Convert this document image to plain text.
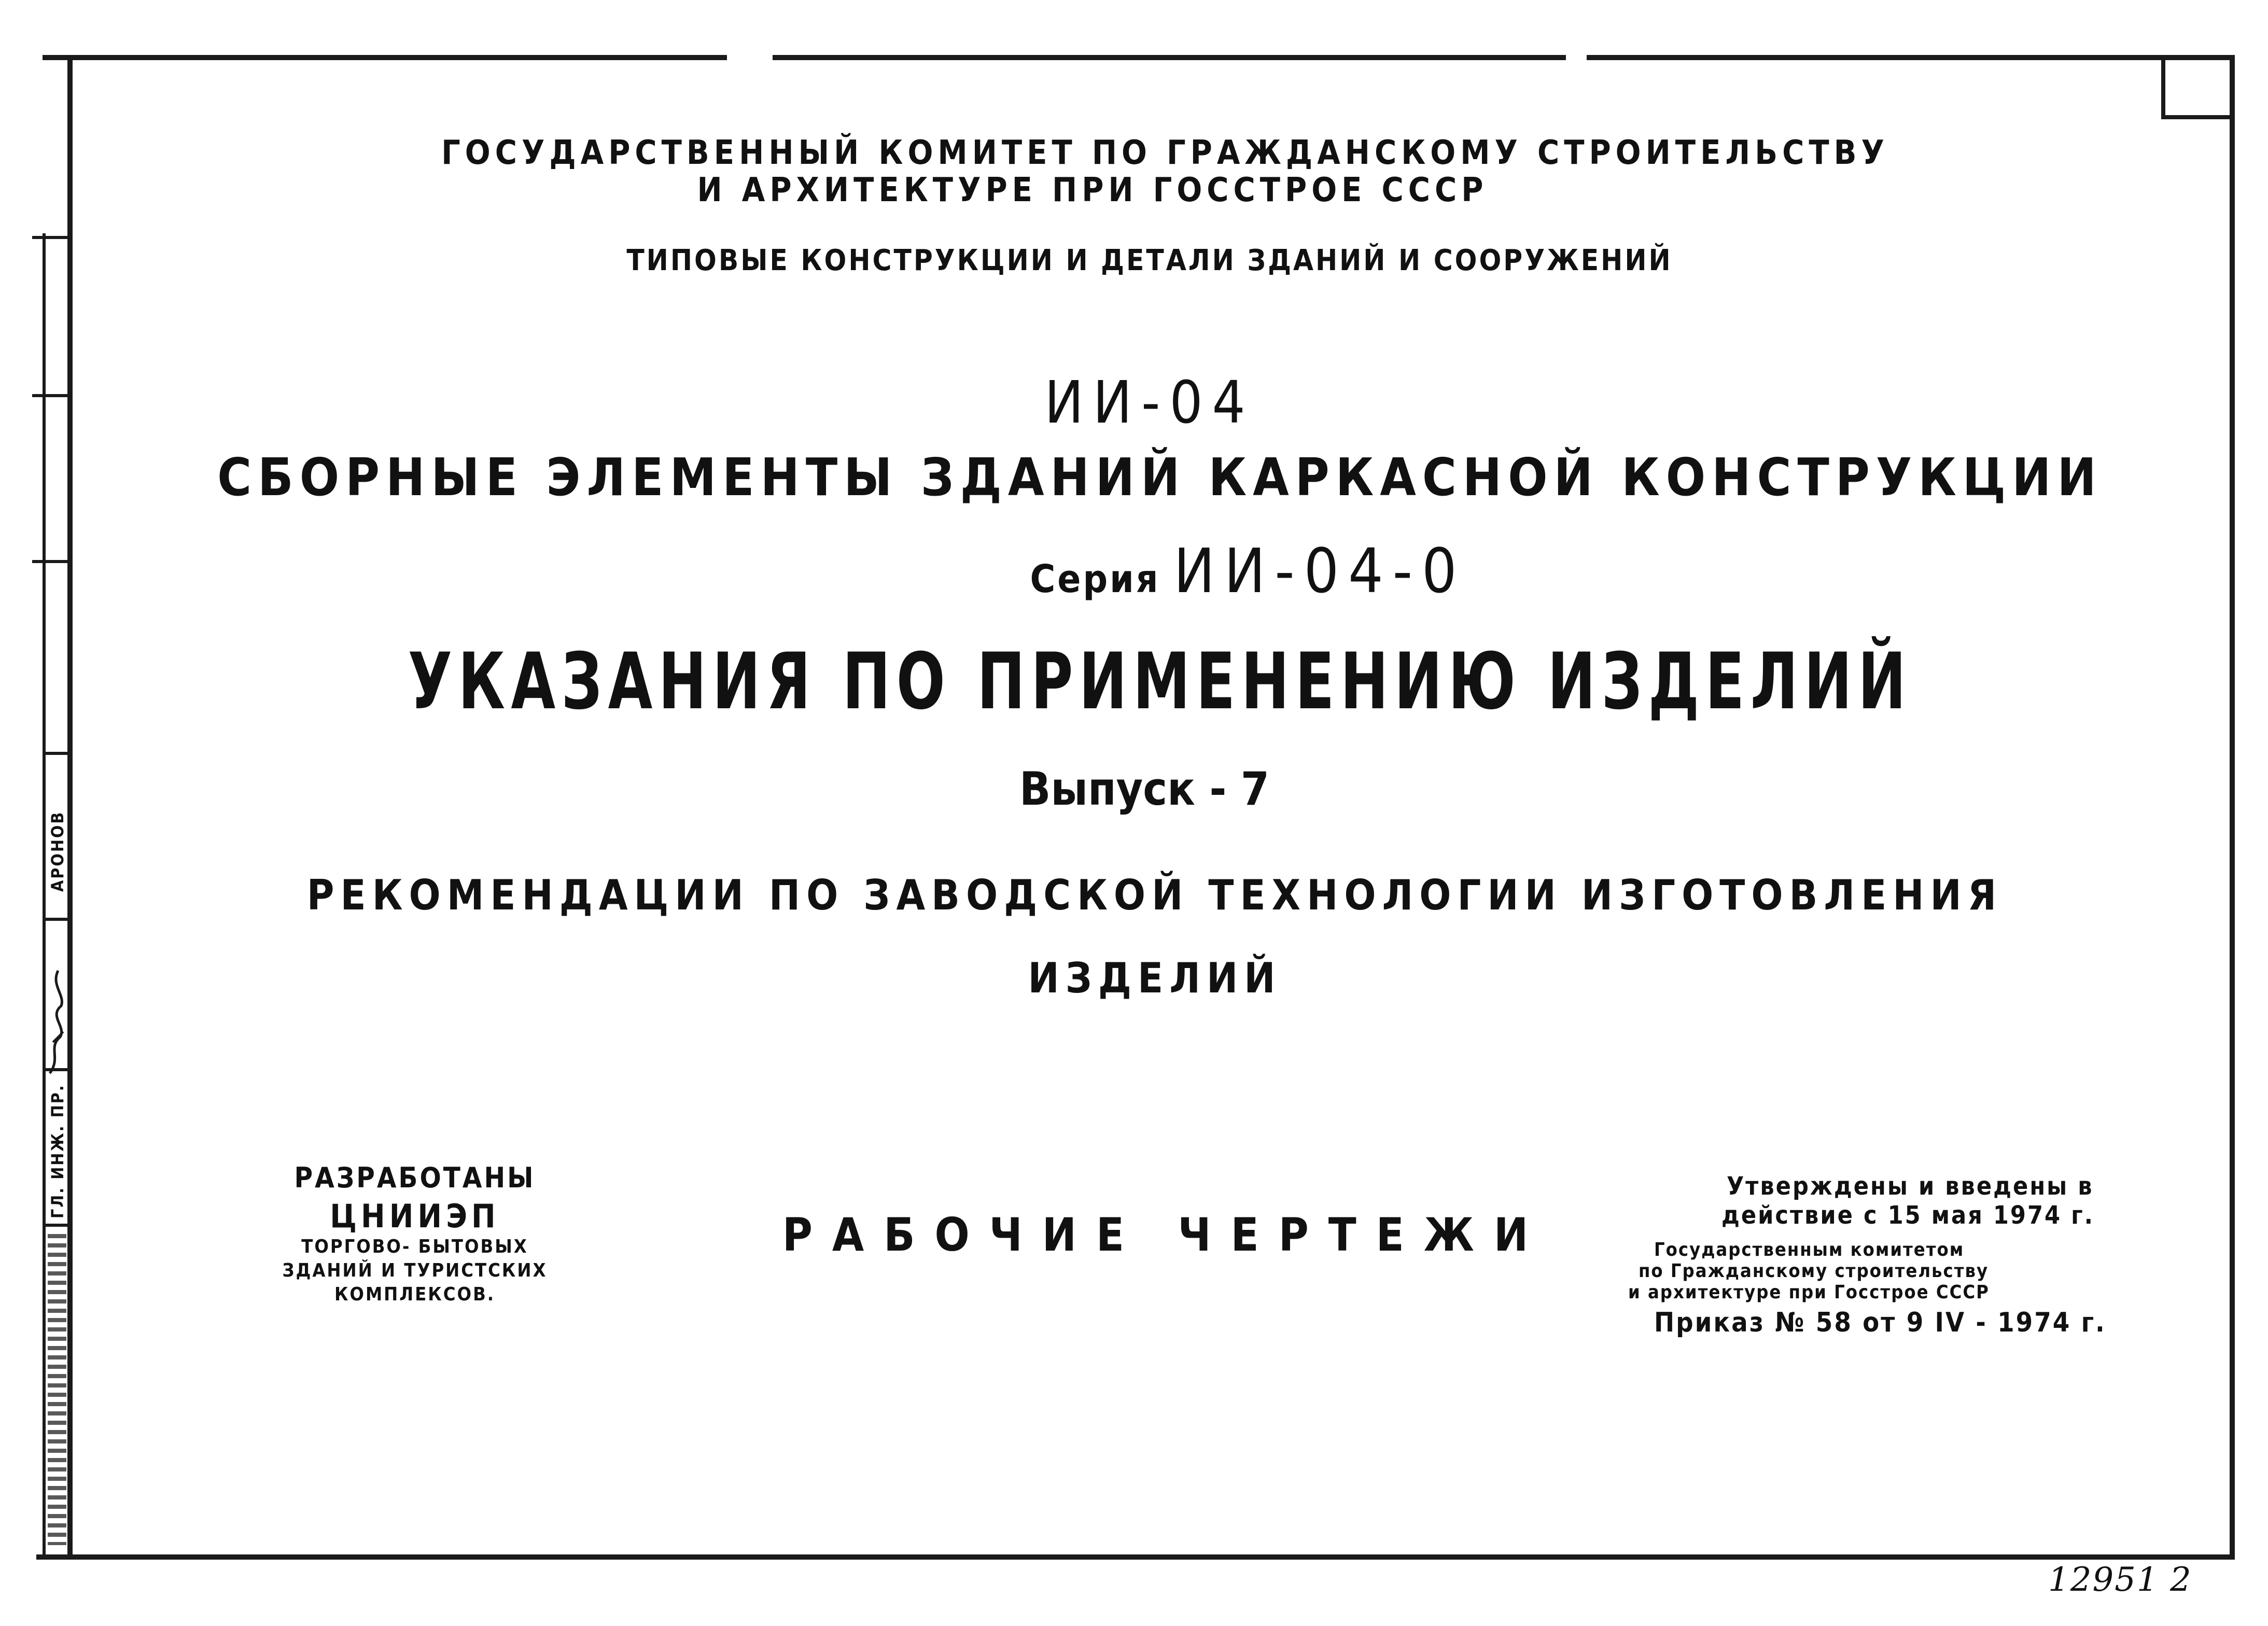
АРОНОВ
ГЛ. ИНЖ. ПР.
ГОСУДАРСТВЕННЫЙ КОМИТЕТ ПО ГРАЖДАНСКОМУ СТРОИТЕЛЬСТВУ
И АРХИТЕКТУРЕ ПРИ ГОССТРОЕ СССР
ТИПОВЫЕ КОНСТРУКЦИИ И ДЕТАЛИ ЗДАНИЙ И СООРУЖЕНИЙ
ИИ-04
СБОРНЫЕ ЭЛЕМЕНТЫ ЗДАНИЙ КАРКАСНОЙ КОНСТРУКЦИИ
Серия ИИ-04-0
УКАЗАНИЯ ПО ПРИМЕНЕНИЮ ИЗДЕЛИЙ
Выпуск - 7
РЕКОМЕНДАЦИИ ПО ЗАВОДСКОЙ ТЕХНОЛОГИИ ИЗГОТОВЛЕНИЯ
ИЗДЕЛИЙ
РАЗРАБОТАНЫ
ЦНИИЭП
ТОРГОВО- БЫТОВЫХ
ЗДАНИЙ И ТУРИСТСКИХ
КОМПЛЕКСОВ.
РАБОЧИЕ ЧЕРТЕЖИ
Утверждены и введены в
действие с 15 мая 1974 г.
Государственным комитетом
по Гражданскому строительству
и архитектуре при Госстрое СССР
Приказ № 58 от 9 IV - 1974 г.
12951 2
